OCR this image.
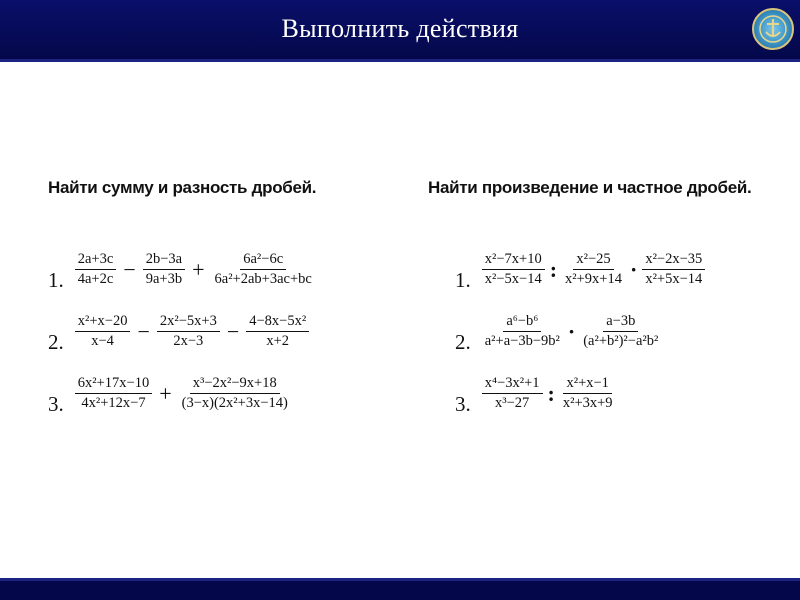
Выполнить действия
Найти сумму и разность дробей.
1. $\frac{2a+3c}{4a+2c} - \frac{2b-3a}{9a+3b} + \frac{\text{6a²−6c}}{\text{6a²+2ab+3ac+bc}}$
2. $\frac{\text{x²+x−20}}{x-4} - \frac{\text{2x²−5x+3}}{2x-3} - \frac{\text{4−8x−5x²}}{x+2}$
3. $\frac{\text{6x²+17x−10}}{\text{4x²+12x−7}} + \frac{\text{x³−2x²−9x+18}}{\text{(3−x)(2x²+3x−14)}}$
Найти произведение и частное дробей.
1. $\frac{\text{x²−7x+10}}{\text{x²−5x−14}}$ : $\frac{\text{x²−25}}{\text{x²+9x+14}} \cdot \frac{\text{x²−2x−35}}{\text{x²+5x−14}}$
2. $\frac{\text{a⁶−b⁶}}{\text{a²+a−3b−9b²}} \cdot \frac{a-3b}{\text{(a²+b²)²−a²b²}}$
3. $\frac{\text{x⁴−3x²+1}}{\text{x³−27}}$ : $\frac{\text{x²+x−1}}{\text{x²+3x+9}}$
